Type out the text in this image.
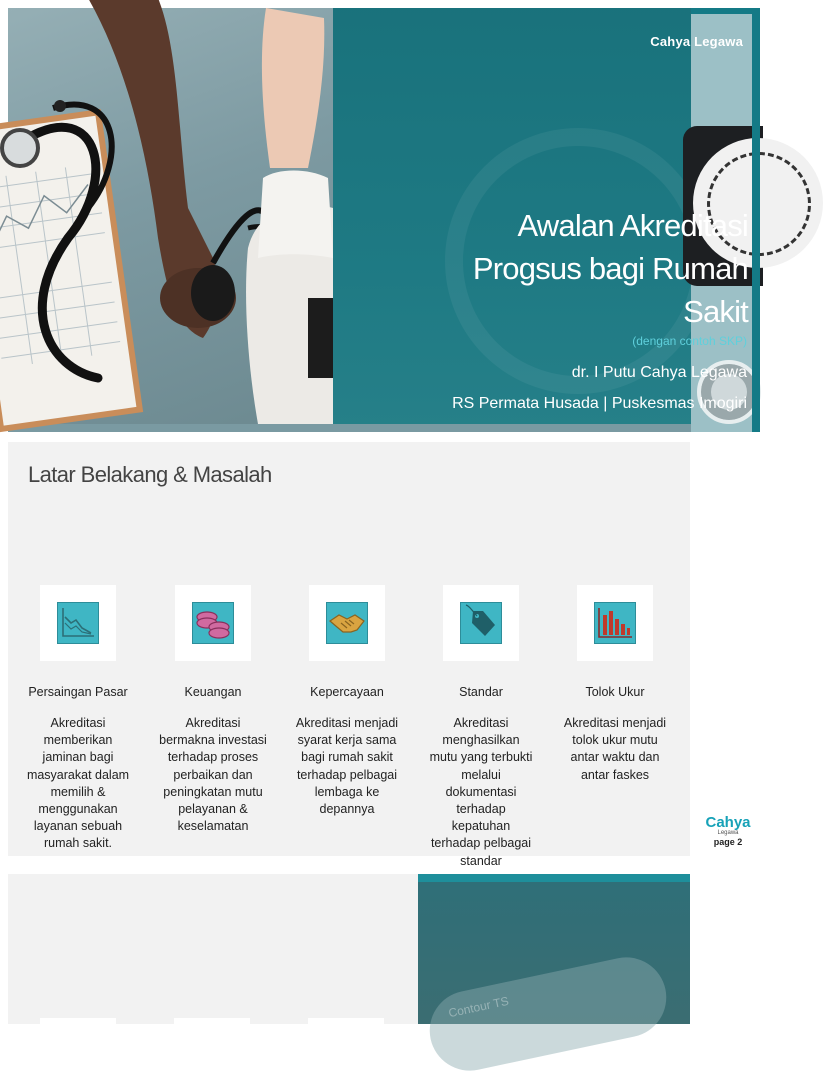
Cahya Legawa
Awalan Akreditasi Progsus bagi Rumah Sakit
(dengan contoh SKP)
dr. I Putu Cahya Legawa
RS Permata Husada | Puskesmas Imogiri
Latar Belakang & Masalah
Persaingan Pasar
Akreditasi memberikan jaminan bagi masyarakat dalam memilih & menggunakan layanan sebuah rumah sakit.
Keuangan
Akreditasi bermakna investasi terhadap proses perbaikan dan peningkatan mutu pelayanan & keselamatan
Kepercayaan
Akreditasi menjadi syarat kerja sama bagi rumah sakit terhadap pelbagai lembaga ke depannya
Standar
Akreditasi menghasilkan mutu yang terbukti melalui dokumentasi terhadap kepatuhan terhadap pelbagai standar
Tolok Ukur
Akreditasi menjadi tolok ukur mutu antar waktu dan antar faskes
Cahya
Legawa
page 2
Contour TS
